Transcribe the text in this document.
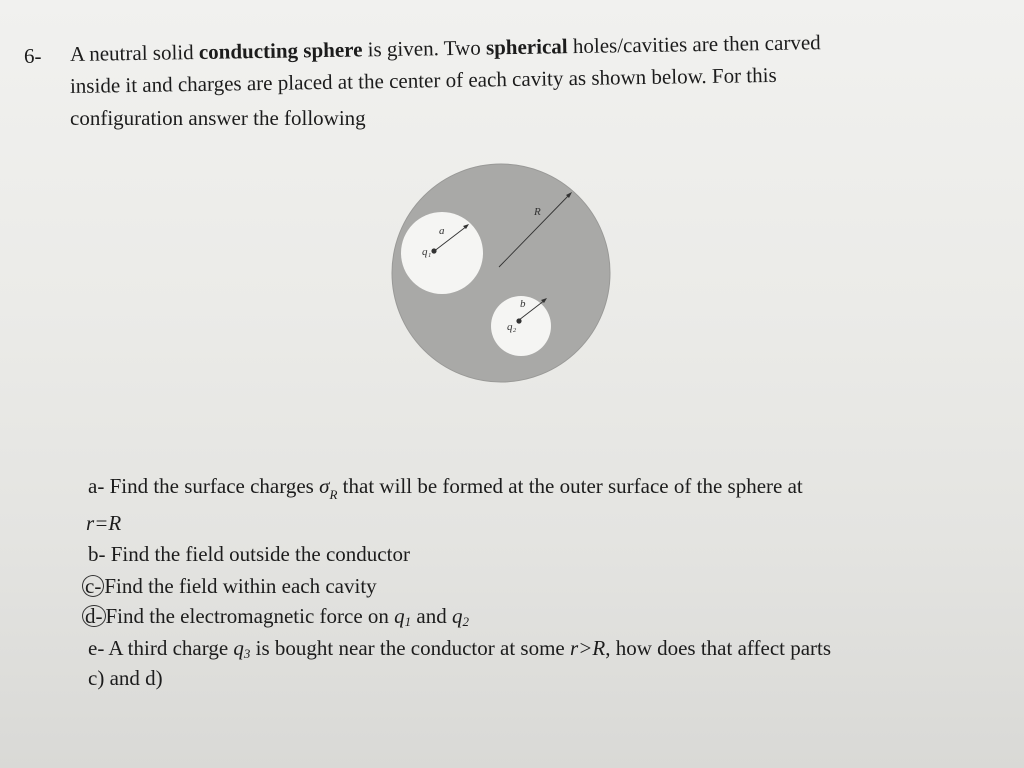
6- A neutral solid conducting sphere is given. Two spherical holes/cavities are then carved
inside it and charges are placed at the center of each cavity as shown below. For this
configuration answer the following
R
a
b
q₁
q₂
a- Find the surface charges $\sigma_R$ that will be formed at the outer surface of the sphere at
r=R
b- Find the field outside the conductor
c- Find the field within each cavity
d- Find the electromagnetic force on q1 and q2
e- A third charge q3 is bought near the conductor at some r>R, how does that affect parts
c) and d)
